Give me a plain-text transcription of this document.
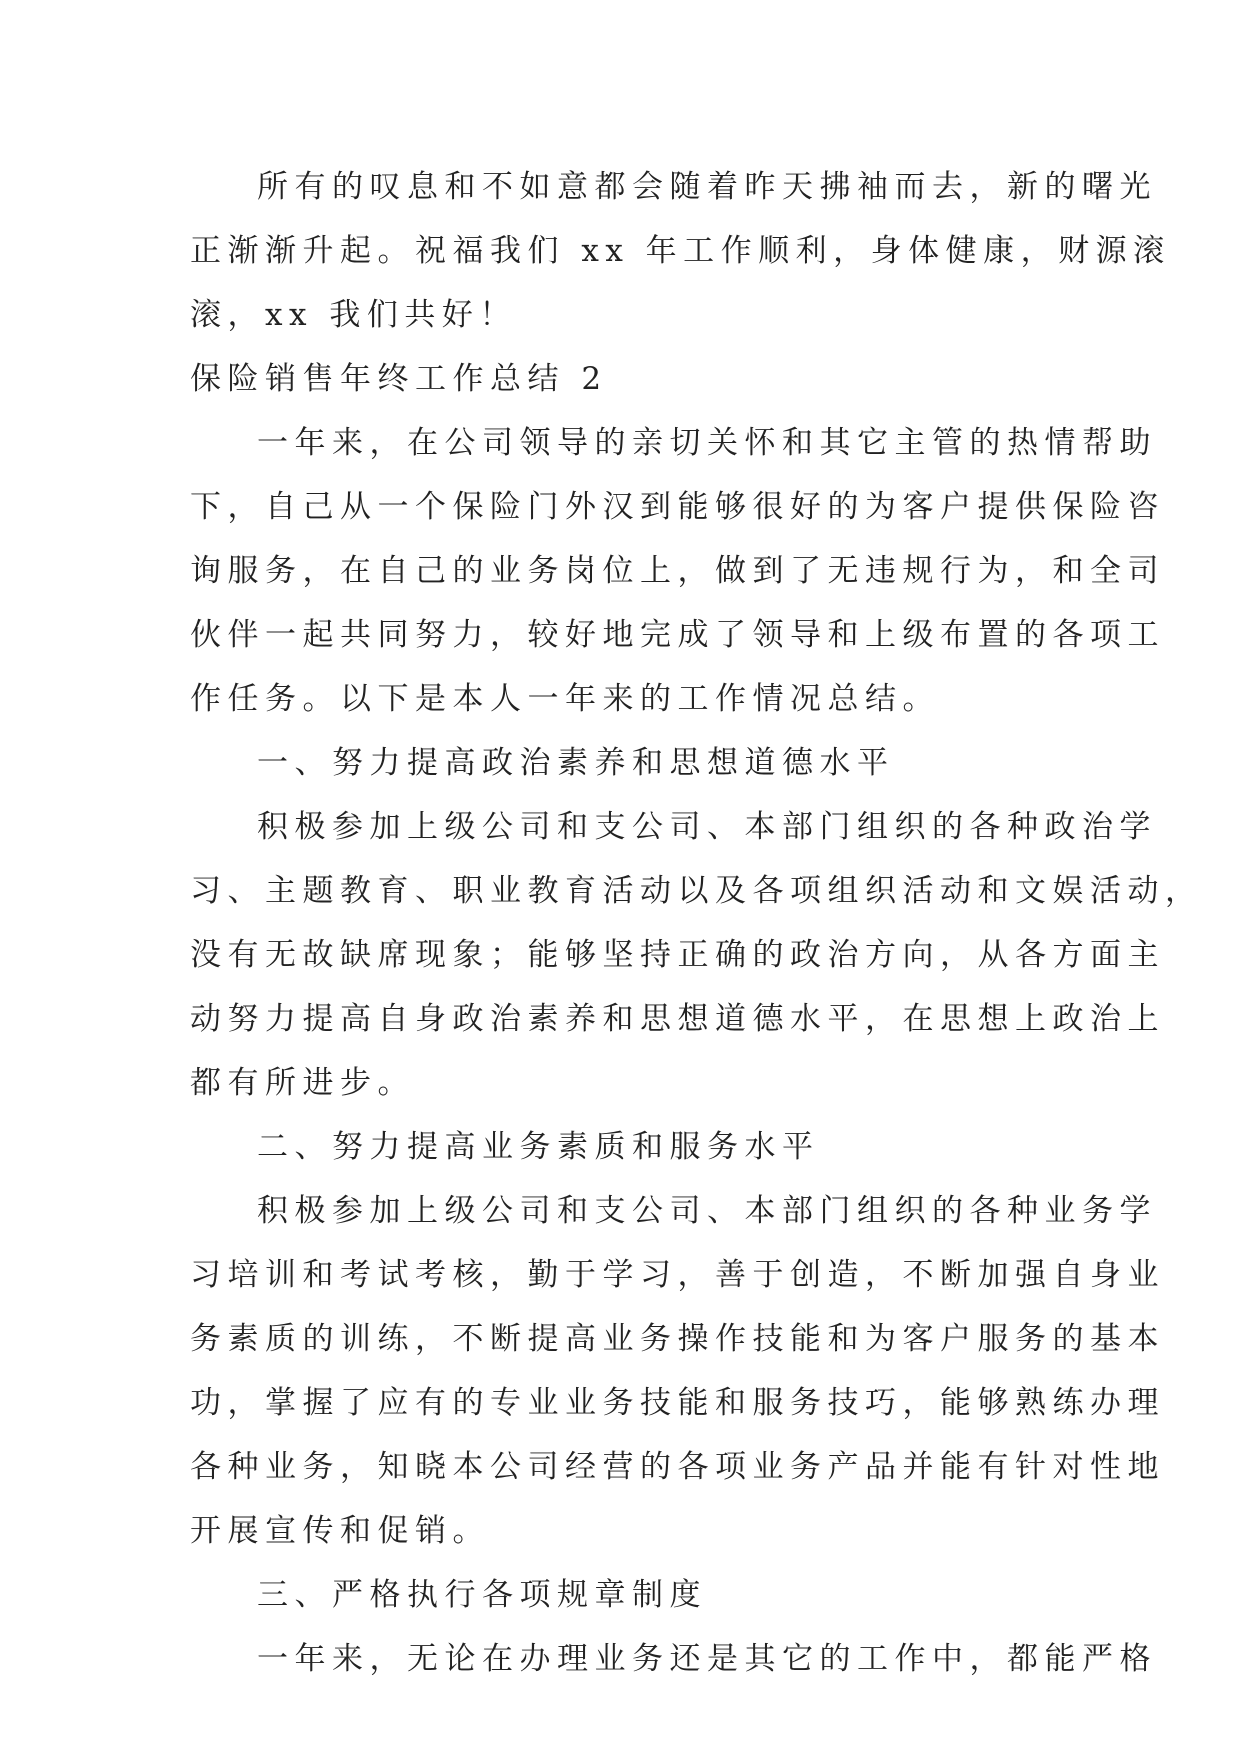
所有的叹息和不如意都会随着昨天拂袖而去，新的曙光
正渐渐升起。祝福我们 xx 年工作顺利，身体健康，财源滚
滚，xx 我们共好！
保险销售年终工作总结 2
一年来，在公司领导的亲切关怀和其它主管的热情帮助
下，自己从一个保险门外汉到能够很好的为客户提供保险咨
询服务，在自己的业务岗位上，做到了无违规行为，和全司
伙伴一起共同努力，较好地完成了领导和上级布置的各项工
作任务。以下是本人一年来的工作情况总结。
一、努力提高政治素养和思想道德水平
积极参加上级公司和支公司、本部门组织的各种政治学
习、主题教育、职业教育活动以及各项组织活动和文娱活动，
没有无故缺席现象；能够坚持正确的政治方向，从各方面主
动努力提高自身政治素养和思想道德水平，在思想上政治上
都有所进步。
二、努力提高业务素质和服务水平
积极参加上级公司和支公司、本部门组织的各种业务学
习培训和考试考核，勤于学习，善于创造，不断加强自身业
务素质的训练，不断提高业务操作技能和为客户服务的基本
功，掌握了应有的专业业务技能和服务技巧，能够熟练办理
各种业务，知晓本公司经营的各项业务产品并能有针对性地
开展宣传和促销。
三、严格执行各项规章制度
一年来，无论在办理业务还是其它的工作中，都能严格
